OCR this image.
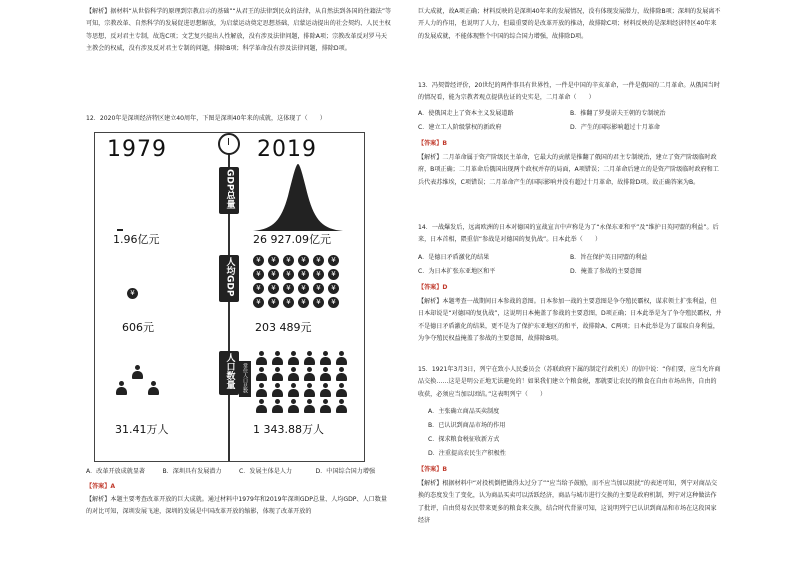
【解析】据材料“从世俗科学的原理到宗教启示的基础”“从君王的法律到民众的法律，从自然法到各国的往籍法”等可知，宗教改革、自然科学的发展促进思想解放，为启蒙运动奠定思想基础，启蒙运动提出的社会契约、人民主权等思想，反对君主专制，故选C项；文艺复兴提出人性解放，没有涉及法律问题，排除A项；宗教改革反对罗马天主教会的权威，没有涉及反对君主专制的问题，排除B项；科学革命没有涉及法律问题，排除D项。
12．2020年是深圳经济特区建立40周年，下图是深圳40年来的成就，这体现了（　　）
A．改革开放成就显著	B．深圳具有发展潜力	C．发展主体是人力	D．中国综合国力增强
【答案】A
【解析】本题主要考查改革开放的巨大成就。通过材料中1979年和2019年深圳GDP总量、人均GDP、人口数量的对比可知，深圳发展飞速，深圳的发展是中国改革开放的缩影，体现了改革开放的
1979	2019
GDP总量
1.96亿元	26 927.09亿元
人均GDP
¥
¥	¥	¥	¥	¥	¥
¥	¥	¥	¥	¥	¥
¥	¥	¥	¥	¥	¥
¥	¥	¥	¥	¥	¥
606元	203 489元
人口数量	常住人口总数
31.41万人	1 343.88万人
巨大成就，故A项正确；材料反映的是深圳40年来的发展情况，没有体现发展潜力，故排除B项；深圳的发展离不开人力的作用，也说明了人力，但最重要的是改革开放的推动，故排除C项；材料反映的是深圳经济特区40年来的发展成就，不能体现整个中国的综合国力增强，故排除D项。
13．冯契曾经评价，20世纪的两件事具有世界性，一件是中国的辛亥革命，一件是俄国的二月革命。从俄国当时的情况看，能为宗教者观点提供佐证的史实是，二月革命（　　）
A．使俄国走上了资本主义发展道路	B．推翻了罗曼诺夫王朝的专制统治
C．建立工人阶级掌权的新政府	D．产生的国际影响超过十月革命
【答案】B
【解析】二月革命属于资产阶级民主革命，它最大的贡献是推翻了俄国的君主专制统治，建立了资产阶级临时政府，B项正确；二月革命后俄国出现两个政权并存的局面，A项错误；二月革命后建立的是资产阶级临时政府和工兵代表苏维埃，C项错误；二月革命产生的国际影响并没有超过十月革命，故排除D项。故正确答案为B。
14．一战爆发后，远离欧洲的日本对德国的宣战宣言中声称是为了“永保东亚和平”及“维护日英同盟的利益”。后来，日本首相，隈重信“参战是对德国的复仇战”。日本此举（　　）
A．是德日矛盾激化的结果	B．旨在保护英日同盟的利益
C．为日本扩张东亚地区和平	D．掩盖了参战的主要意图
【答案】D
【解析】本题考查一战期间日本参战的意图。日本参加一战的主要意图是争夺殖民霸权，谋求领土扩张利益，但日本却说是“对德国的复仇战”，这说明日本掩盖了参战的主要意图，D项正确；日本此举是为了争夺殖民霸权，并不是德日矛盾激化的结果，更不是为了保护东亚地区的和平，故排除A、C两项；日本此举是为了谋取自身利益，为争夺殖民权益掩盖了参战的主要意图，故排除B项。
15．1921年3月3日，列宁在致小人民委员会（苏联政府下属的制定行政机关）的信中说：“你们要，应当允许商品交换……这是是明公正地无法避免的！如果我们建立个粮食税，那就要让农民的粮食在自由市场出售，自由的收获，必须应当加以团结。”这表明列宁（　　）
A．主张确立商品买卖制度
B．已认识到商品市场的作用
C．探求粮食税征收新方式
D．注重提高农民生产积极性
【答案】B
【解析】根据材料中“对投机倒把做得太过分了”“应当给予鼓励，而不应当加以阻扰”的表述可知，列宁对商品交换的态度发生了变化，认为商品买卖可以活跃经济，商品与城市进行交换的主要是政府机制，列宁对这种做法作了批评，自由贸易农民带来更多的粮食来交换，结合时代背景可知，这说明列宁已认识到商品和市场在这段国家经济
